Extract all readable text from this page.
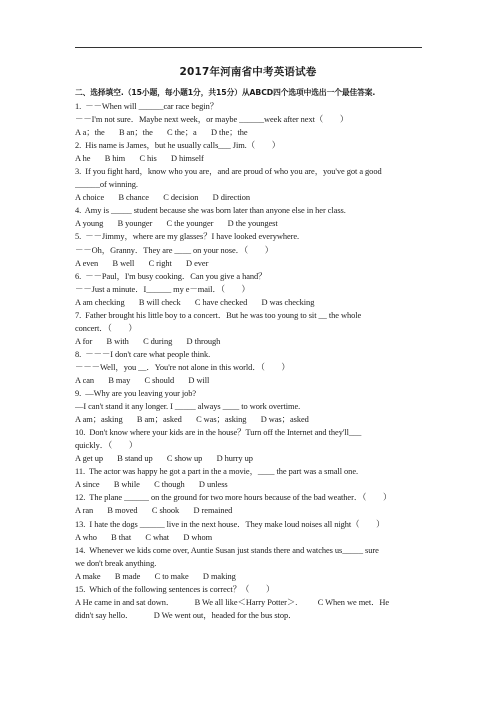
2017年河南省中考英语试卷
二、选择填空.（15小题，每小题1分，共15分）从ABCD四个选项中选出一个最佳答案.
1.  －－When will ______car race begin？
－－I'm not sure．Maybe next week，or maybe ______week after next（　　）
A a；the       B an；the       C the；a       D the；the
2.  His name is James，but he usually calls___ Jim.（　　）
A he       B him       C his       D himself
3.  If you fight hard，know who you are，and are proud of who you are，you've got a good
______of winning.
A choice       B chance       C decision       D direction
4.  Amy is _____ student because she was born later than anyone else in her class.
A young       B younger       C the younger       D the youngest
5.  －－Jimmy，where are my glasses？I have looked everywhere.
－－Oh，Granny．They are ____ on your nose．（　　）
A even       B well       C right       D ever
6.  －－Paul，I'm busy cooking．Can you give a hand？
－－Just a minute．I______ my e－mail．（　　）
A am checking       B will check       C have checked       D was checking
7.  Father brought his little boy to a concert．But he was too young to sit __ the whole
concert．（　　）
A for       B with       C during       D through
8.  －－－I don't care what people think.
－－－Well，you __．You're not alone in this world．（　　）
A can       B may       C should       D will
9.  —Why are you leaving your job?
—I can't stand it any longer. I _____ always ____ to work overtime.
A am；asking       B am；asked       C was；asking       D was；asked
10.  Don't know where your kids are in the house？Turn off the Internet and they'll___
quickly．（　　）
A get up       B stand up       C show up       D hurry up
11.  The actor was happy he got a part in the a movie，____ the part was a small one.
A since       B while       C though       D unless
12.  The plane ______ on the ground for two more hours because of the bad weather．（　　）
A ran       B moved       C shook       D remained
13.  I hate the dogs ______ live in the next house．They make loud noises all night（　　）
A who       B that       C what       D whom
14.  Whenever we kids come over, Auntie Susan just stands there and watches us_____ sure
we don't break anything.
A make       B made       C to make       D making
15.  Which of the following sentences is correct？（　　）
A He came in and sat down．          B We all like＜Harry Potter＞.          C When we met．He
didn't say hello．          D We went out，headed for the bus stop．
